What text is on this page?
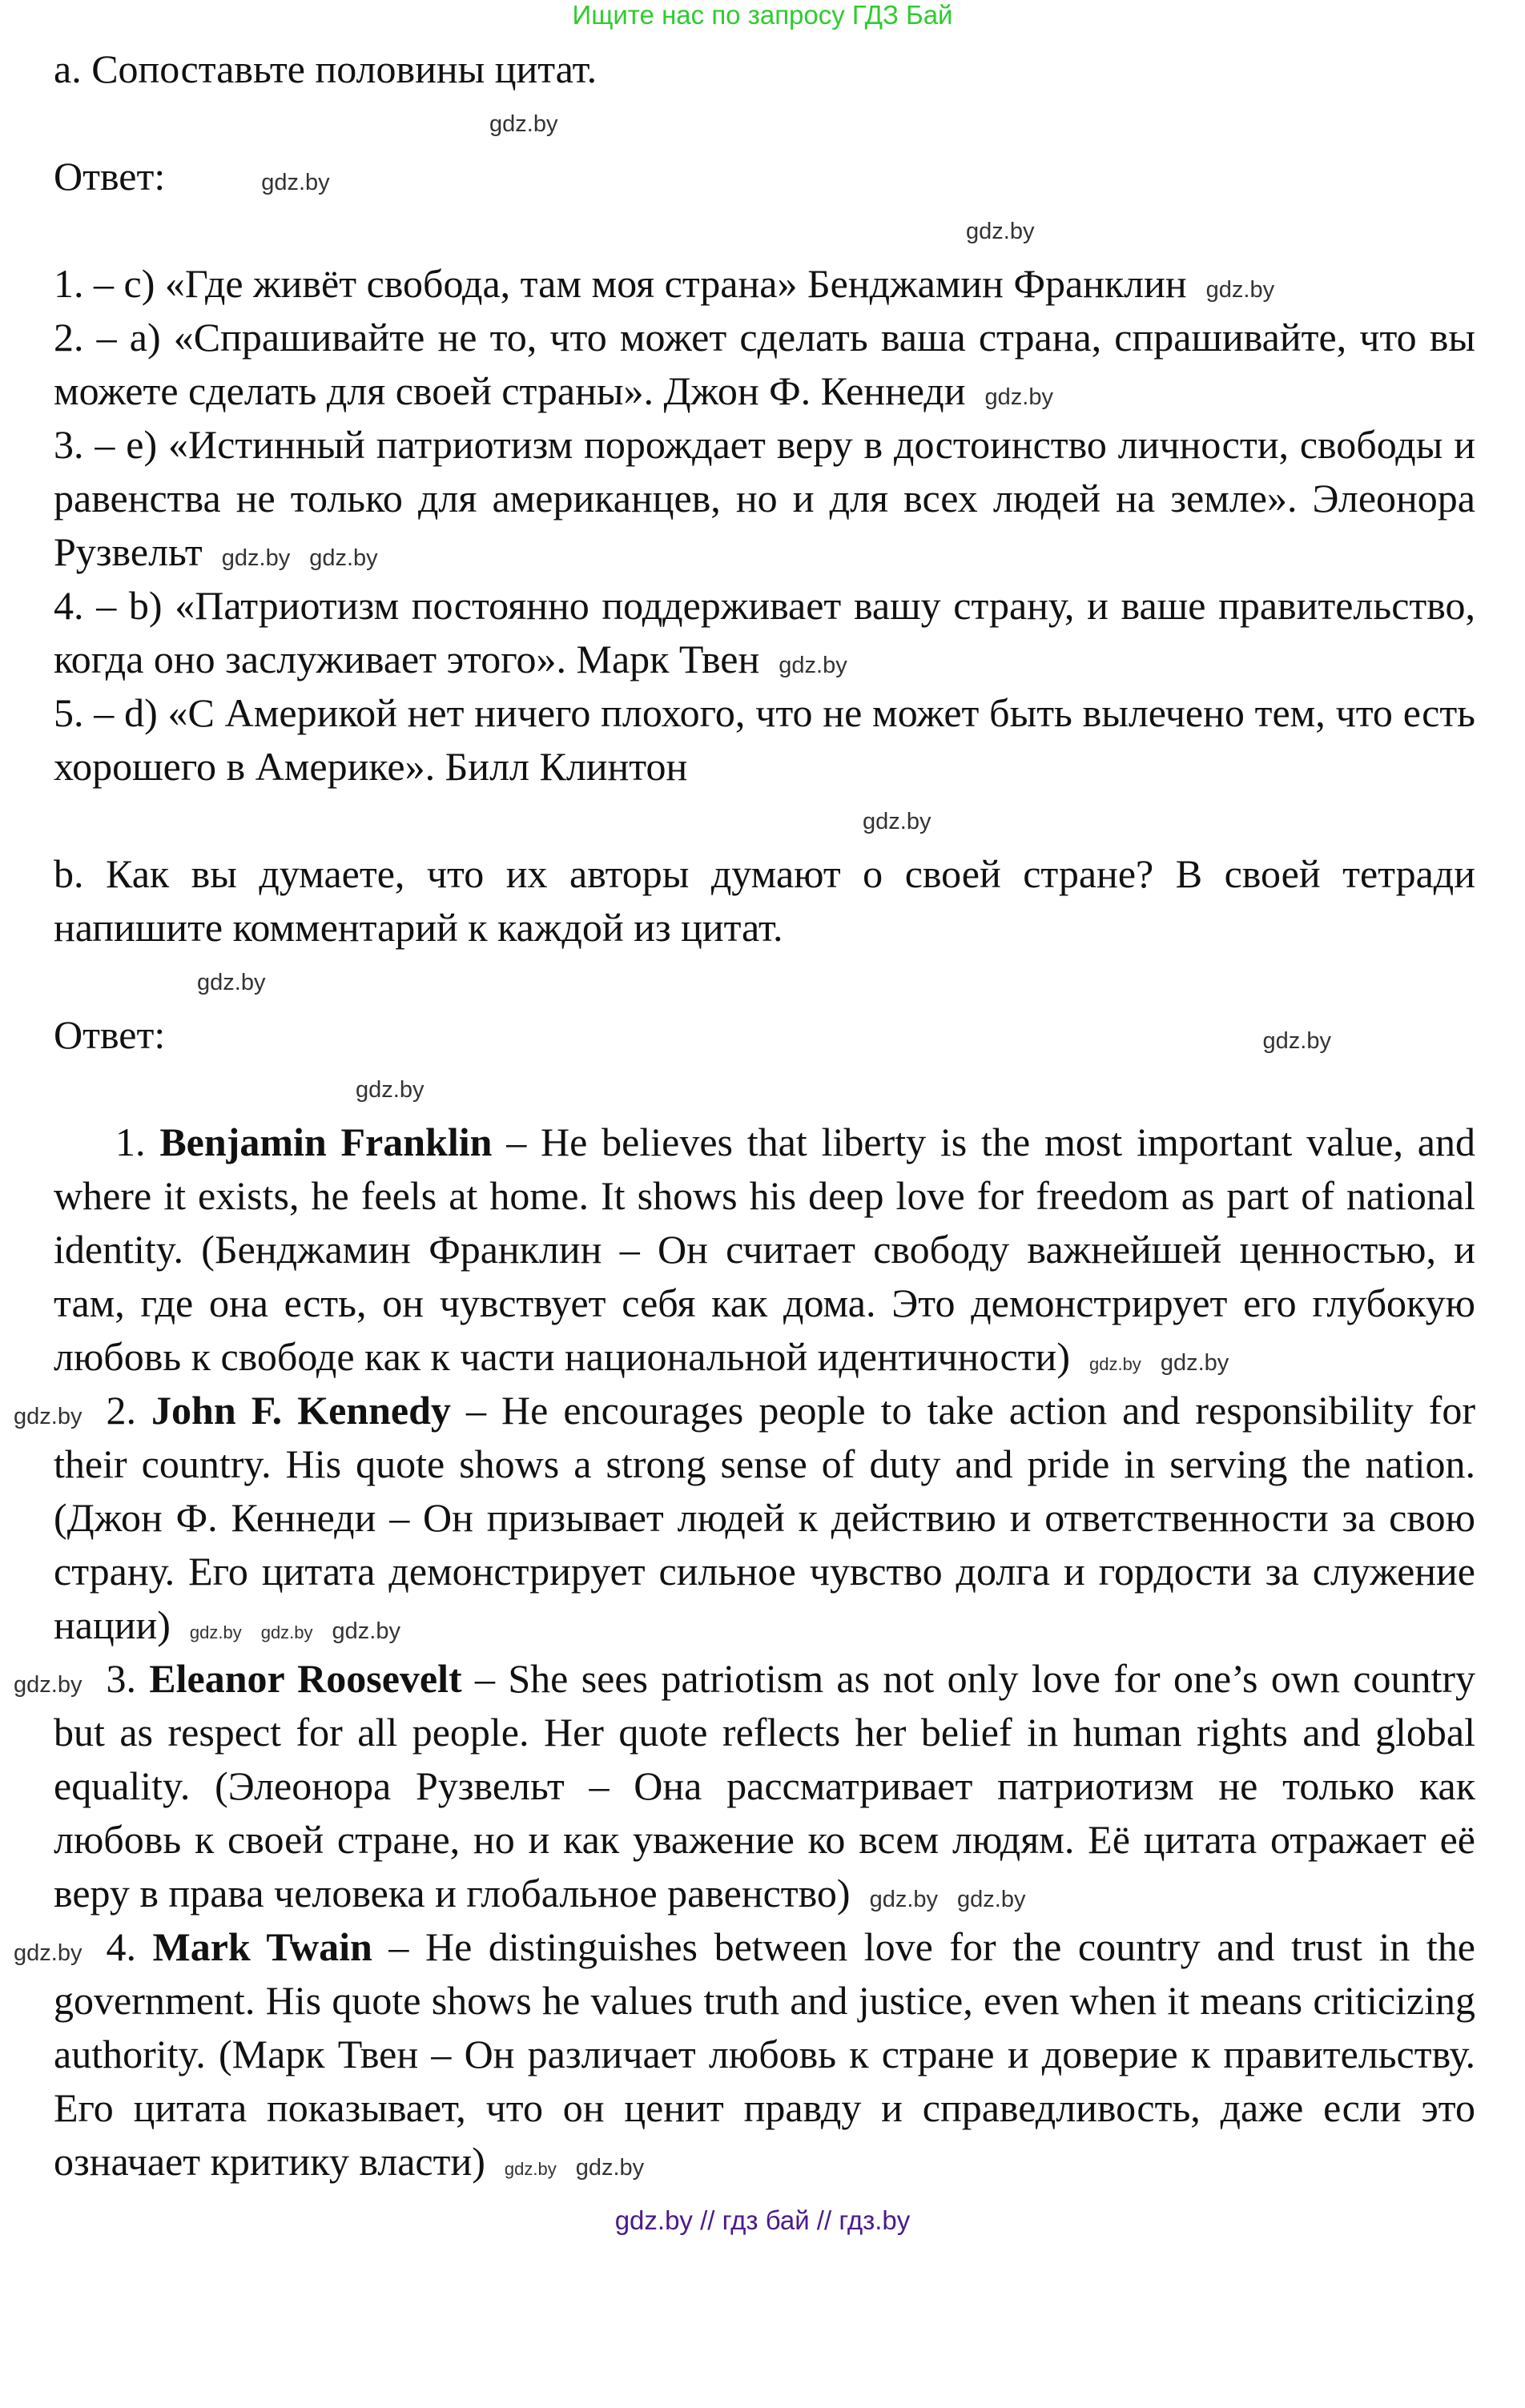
Ищите нас по запросу ГДЗ Бай

a. Сопоставьте половины цитат.

gdz.by
Ответ:	gdz.by
gdz.by

1. – c) «Где живёт свобода, там моя страна» Бенджамин Франклин gdz.by

2. – a) «Спрашивайте не то, что может сделать ваша страна, спрашивайте, что вы можете сделать для своей страны». Джон Ф. Кеннеди gdz.by

3. – e) «Истинный патриотизм порождает веру в достоинство личности, свободы и равенства не только для американцев, но и для всех людей на земле». Элеонора Рузвельт gdz.by gdz.by

4. – b) «Патриотизм постоянно поддерживает вашу страну, и ваше правительство, когда оно заслуживает этого». Марк Твен gdz.by

5. – d) «С Америкой нет ничего плохого, что не может быть вылечено тем, что есть хорошего в Америке». Билл Клинтон

gdz.by

b. Как вы думаете, что их авторы думают о своей стране? В своей тетради напишите комментарий к каждой из цитат.

gdz.by
Ответ:	gdz.by
gdz.by

1. Benjamin Franklin – He believes that liberty is the most important value, and where it exists, he feels at home. It shows his deep love for freedom as part of national identity. (Бенджамин Франклин – Он считает свободу важнейшей ценностью, и там, где она есть, он чувствует себя как дома. Это демонстрирует его глубокую любовь к свободе как к части национальной идентичности) gdz.by gdz.by

gdz.by 2. John F. Kennedy – He encourages people to take action and responsibility for their country. His quote shows a strong sense of duty and pride in serving the nation. (Джон Ф. Кеннеди – Он призывает людей к действию и ответственности за свою страну. Его цитата демонстрирует сильное чувство долга и гордости за служение нации) gdz.by gdz.by gdz.by

gdz.by 3. Eleanor Roosevelt – She sees patriotism as not only love for one’s own country but as respect for all people. Her quote reflects her belief in human rights and global equality. (Элеонора Рузвельт – Она рассматривает патриотизм не только как любовь к своей стране, но и как уважение ко всем людям. Её цитата отражает её веру в права человека и глобальное равенство) gdz.by gdz.by

gdz.by 4. Mark Twain – He distinguishes between love for the country and trust in the government. His quote shows he values truth and justice, even when it means criticizing authority. (Марк Твен – Он различает любовь к стране и доверие к правительству. Его цитата показывает, что он ценит правду и справедливость, даже если это означает критику власти) gdz.by gdz.by

gdz.by // гдз бай // гдз.by
